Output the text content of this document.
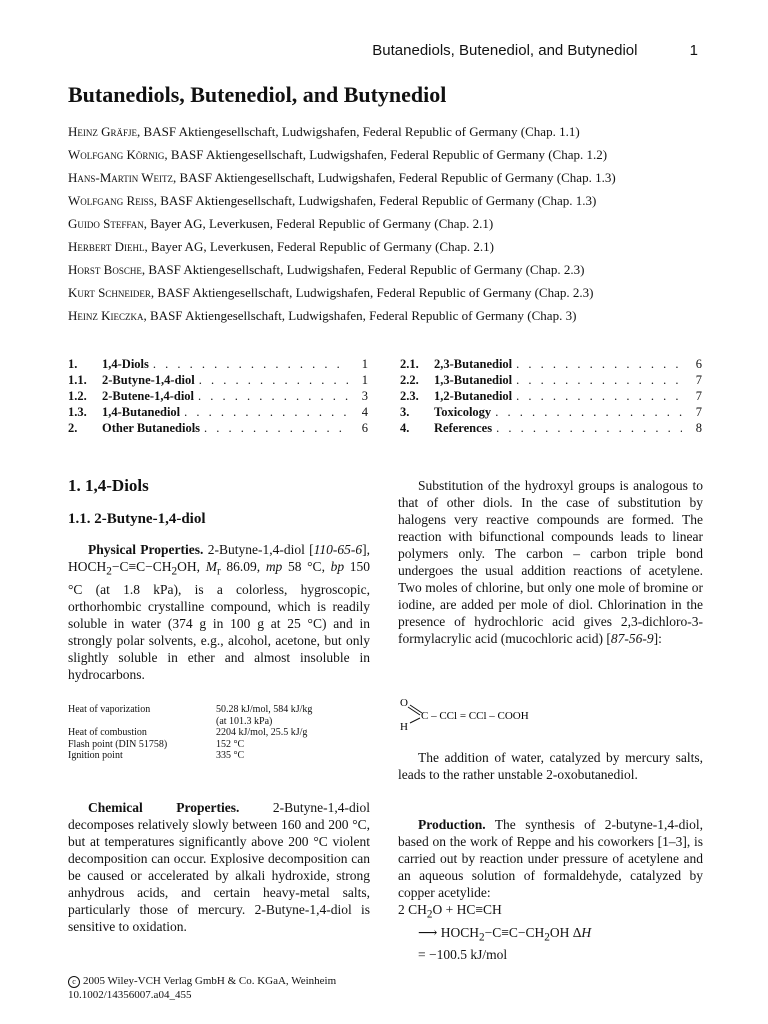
Butanediols, Butenediol, and Butynediol	1
Butanediols, Butenediol, and Butynediol
Heinz Gräfje, BASF Aktiengesellschaft, Ludwigshafen, Federal Republic of Germany (Chap. 1.1)
Wolfgang Körnig, BASF Aktiengesellschaft, Ludwigshafen, Federal Republic of Germany (Chap. 1.2)
Hans-Martin Weitz, BASF Aktiengesellschaft, Ludwigshafen, Federal Republic of Germany (Chap. 1.3)
Wolfgang Reiss, BASF Aktiengesellschaft, Ludwigshafen, Federal Republic of Germany (Chap. 1.3)
Guido Steffan, Bayer AG, Leverkusen, Federal Republic of Germany (Chap. 2.1)
Herbert Diehl, Bayer AG, Leverkusen, Federal Republic of Germany (Chap. 2.1)
Horst Bosche, BASF Aktiengesellschaft, Ludwigshafen, Federal Republic of Germany (Chap. 2.3)
Kurt Schneider, BASF Aktiengesellschaft, Ludwigshafen, Federal Republic of Germany (Chap. 2.3)
Heinz Kieczka, BASF Aktiengesellschaft, Ludwigshafen, Federal Republic of Germany (Chap. 3)
1.	1,4-Diols . . .	1
1.1.	2-Butyne-1,4-diol . . .	1
1.2.	2-Butene-1,4-diol . . .	3
1.3.	1,4-Butanediol . . .	4
2.	Other Butanediols . . .	6
2.1.	2,3-Butanediol . . .	6
2.2.	1,3-Butanediol . . .	7
2.3.	1,2-Butanediol . . .	7
3.	Toxicology . . .	7
4.	References . . .	8
1. 1,4-Diols
1.1. 2-Butyne-1,4-diol

Physical Properties. 2-Butyne-1,4-diol [110-65-6], $HOCH_2-C\equiv C-CH_2OH$, $M_r$ 86.09, mp 58 °C, bp 150 °C (at 1.8 kPa), is a colorless, hygroscopic, orthorhombic crystalline compound, which is readily soluble in water (374 g in 100 g at 25 °C) and in strongly polar solvents, e.g., alcohol, acetone, but only slightly soluble in ether and almost insoluble in hydrocarbons.

Heat of vaporization	50.28 kJ/mol, 584 kJ/kg
(at 101.3 kPa)
Heat of combustion	2204 kJ/mol, 25.5 kJ/g
Flash point (DIN 51758)	152 °C
Ignition point	335 °C

Chemical Properties. 2-Butyne-1,4-diol decomposes relatively slowly between 160 and 200 °C, but at temperatures significantly above 200 °C violent decomposition can occur. Explosive decomposition can be caused or accelerated by alkali hydroxide, strong anhydrous acids, and certain heavy-metal salts, particularly those of mercury. 2-Butyne-1,4-diol is sensitive to oxidation.

Substitution of the hydroxyl groups is analogous to that of other diols. In the case of substitution by halogens very reactive compounds are formed. The reaction with bifunctional compounds leads to linear polymers only. The carbon – carbon triple bond undergoes the usual addition reactions of acetylene. Two moles of chlorine, but only one mole of bromine or iodine, are added per mole of diol. Chlorination in the presence of hydrochloric acid gives 2,3-dichloro-3-formylacrylic acid (mucochloric acid) [87-56-9]:

O
C – CCl = CCl – COOH
H

The addition of water, catalyzed by mercury salts, leads to the rather unstable 2-oxobutanediol.

Production. The synthesis of 2-butyne-1,4-diol, based on the work of Reppe and his coworkers [1–3], is carried out by reaction under pressure of acetylene and an aqueous solution of formaldehyde, catalyzed by copper acetylide:

2 $CH_2O + HC\equiv CH$
⟶ $HOCH_2-C\equiv C-CH_2OH$ ΔH
= −100.5 kJ/mol
c 2005 Wiley-VCH Verlag GmbH & Co. KGaA, Weinheim
10.1002/14356007.a04_455
